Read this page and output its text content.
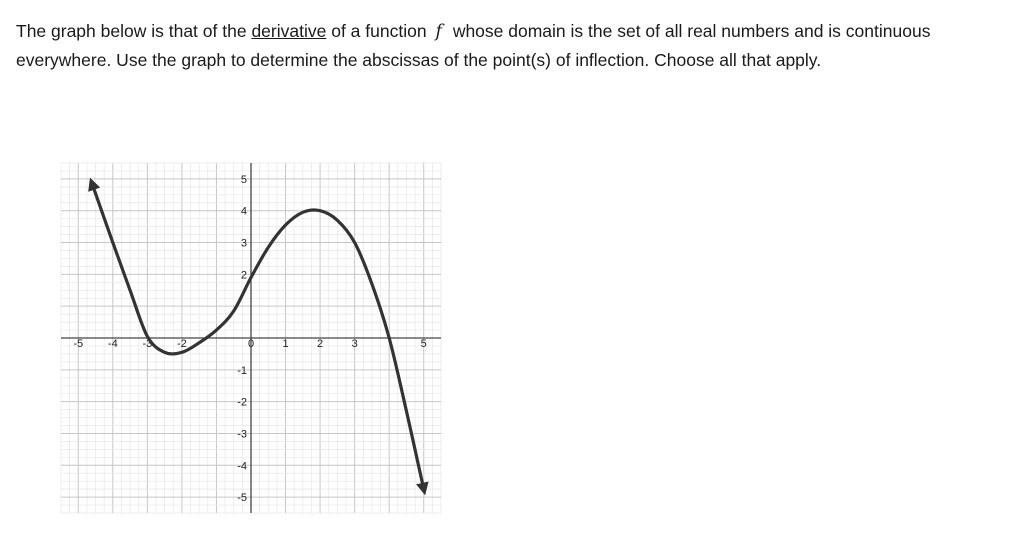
The graph below is that of the derivative of a function f whose domain is the set of all real numbers and is continuous everywhere. Use the graph to determine the abscissas of the point(s) of inflection. Choose all that apply.
-5 -4 -3 -2	0	1	2	3	5
5
4
3
2
-1
-2
-3
-4
-5
